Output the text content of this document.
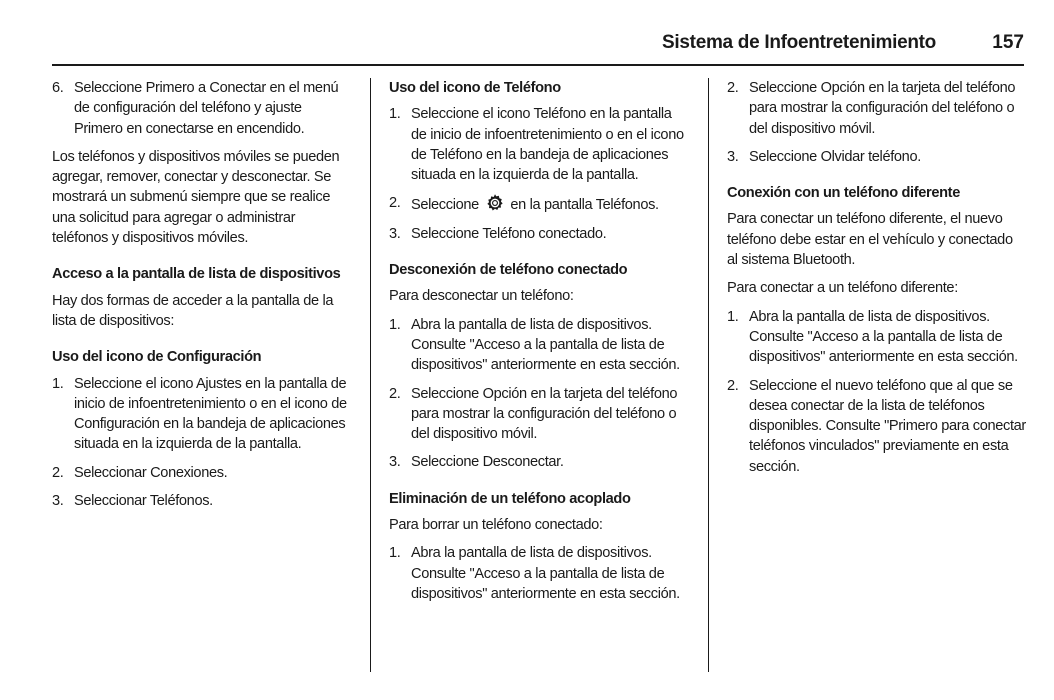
Sistema de Infoentretenimiento	157
6. Seleccione Primero a Conectar en el menú de configuración del teléfono y ajuste Primero en conectarse en encendido.

Los teléfonos y dispositivos móviles se pueden agregar, remover, conectar y desconectar. Se mostrará un submenú siempre que se realice una solicitud para agregar o administrar teléfonos y dispositivos móviles.

Acceso a la pantalla de lista de dispositivos

Hay dos formas de acceder a la pantalla de la lista de dispositivos:

Uso del icono de Configuración

1. Seleccione el icono Ajustes en la pantalla de inicio de infoentretenimiento o en el icono de Configuración en la bandeja de aplicaciones situada en la izquierda de la pantalla.
2. Seleccionar Conexiones.
3. Seleccionar Teléfonos.

Uso del icono de Teléfono

1. Seleccione el icono Teléfono en la pantalla de inicio de infoentretenimiento o en el icono de Teléfono en la bandeja de aplicaciones situada en la izquierda de la pantalla.
2. Seleccione en la pantalla Teléfonos.
3. Seleccione Teléfono conectado.

Desconexión de teléfono conectado

Para desconectar un teléfono:

1. Abra la pantalla de lista de dispositivos. Consulte "Acceso a la pantalla de lista de dispositivos" anteriormente en esta sección.
2. Seleccione Opción en la tarjeta del teléfono para mostrar la configuración del teléfono o del dispositivo móvil.
3. Seleccione Desconectar.

Eliminación de un teléfono acoplado

Para borrar un teléfono conectado:

1. Abra la pantalla de lista de dispositivos. Consulte "Acceso a la pantalla de lista de dispositivos" anteriormente en esta sección.
2. Seleccione Opción en la tarjeta del teléfono para mostrar la configuración del teléfono o del dispositivo móvil.
3. Seleccione Olvidar teléfono.

Conexión con un teléfono diferente

Para conectar un teléfono diferente, el nuevo teléfono debe estar en el vehículo y conectado al sistema Bluetooth.

Para conectar a un teléfono diferente:

1. Abra la pantalla de lista de dispositivos. Consulte "Acceso a la pantalla de lista de dispositivos" anteriormente en esta sección.
2. Seleccione el nuevo teléfono que al que se desea conectar de la lista de teléfonos disponibles. Consulte "Primero para conectar teléfonos vinculados" previamente en esta sección.
